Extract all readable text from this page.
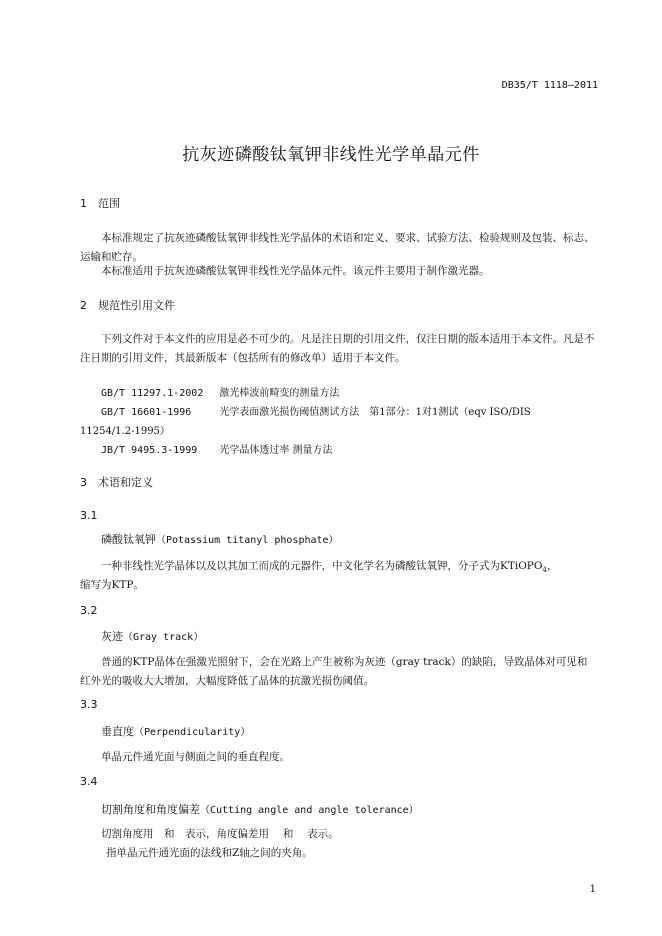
DB35/T 1118—2011
抗灰迹磷酸钛氧钾非线性光学单晶元件
1 范围
本标准规定了抗灰迹磷酸钛氧钾非线性光学晶体的术语和定义、要求、试验方法、检验规则及包装、标志、运输和贮存。
本标准适用于抗灰迹磷酸钛氧钾非线性光学晶体元件。该元件主要用于制作激光器。
2 规范性引用文件
下列文件对于本文件的应用是必不可少的。凡是注日期的引用文件，仅注日期的版本适用于本文件。凡是不注日期的引用文件，其最新版本（包括所有的修改单）适用于本文件。
GB/T 11297.1-2002 激光棒波前畸变的测量方法
GB/T 16601-1996	光学表面激光损伤阈值测试方法　第1部分：1对1测试（eqv ISO/DIS
11254/1.2-1995）
JB/T 9495.3-1999 光学晶体透过率 测量方法
3 术语和定义
3.1
磷酸钛氧钾（Potassium titanyl phosphate）
一种非线性光学晶体以及以其加工而成的元器件，中文化学名为磷酸钛氧钾，分子式为KTiOPO$_4$，
缩写为KTP。
3.2
灰迹（Gray track）
普通的KTP晶体在强激光照射下，会在光路上产生被称为灰迹（gray track）的缺陷，导致晶体对可见和红外光的吸收大大增加，大幅度降低了晶体的抗激光损伤阈值。
3.3
垂直度（Perpendicularity）
单晶元件通光面与侧面之间的垂直程度。
3.4
切割角度和角度偏差（Cutting angle and angle tolerance）
切割角度用　和　表示，角度偏差用　 和　 表示。
指单晶元件通光面的法线和Z轴之间的夹角。
1
